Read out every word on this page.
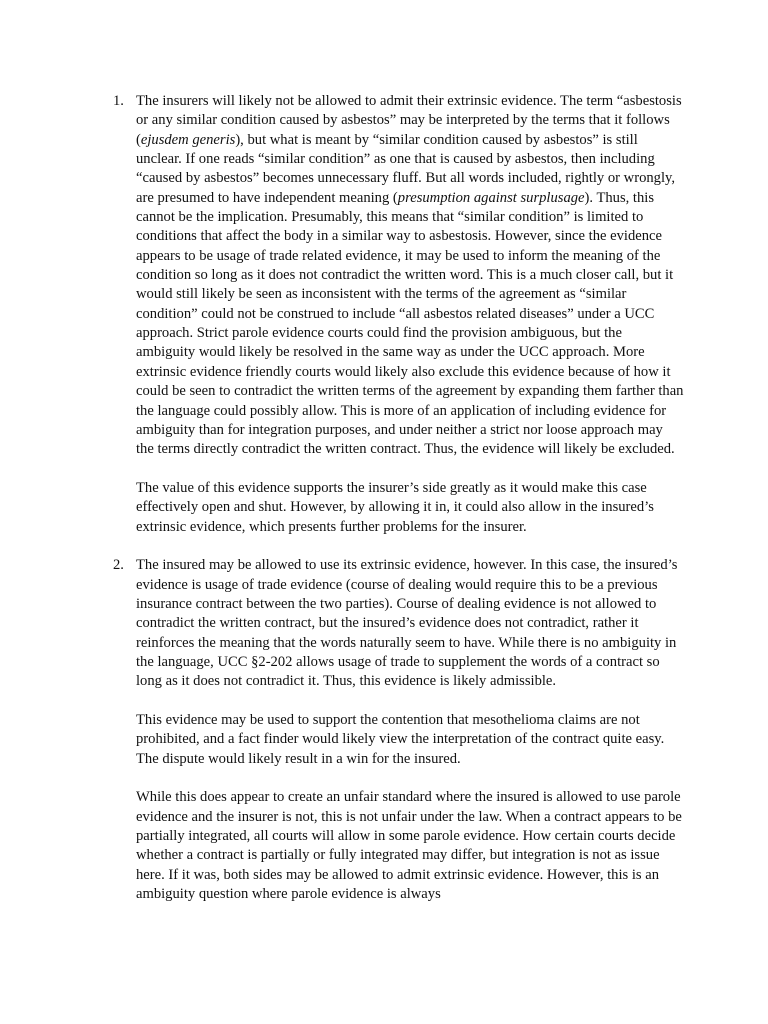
1. The insurers will likely not be allowed to admit their extrinsic evidence. The term “asbestosis or any similar condition caused by asbestos” may be interpreted by the terms that it follows (ejusdem generis), but what is meant by “similar condition caused by asbestos” is still unclear. If one reads “similar condition” as one that is caused by asbestos, then including “caused by asbestos” becomes unnecessary fluff. But all words included, rightly or wrongly, are presumed to have independent meaning (presumption against surplusage). Thus, this cannot be the implication. Presumably, this means that “similar condition” is limited to conditions that affect the body in a similar way to asbestosis. However, since the evidence appears to be usage of trade related evidence, it may be used to inform the meaning of the condition so long as it does not contradict the written word. This is a much closer call, but it would still likely be seen as inconsistent with the terms of the agreement as “similar condition” could not be construed to include “all asbestos related diseases” under a UCC approach. Strict parole evidence courts could find the provision ambiguous, but the ambiguity would likely be resolved in the same way as under the UCC approach. More extrinsic evidence friendly courts would likely also exclude this evidence because of how it could be seen to contradict the written terms of the agreement by expanding them farther than the language could possibly allow. This is more of an application of including evidence for ambiguity than for integration purposes, and under neither a strict nor loose approach may the terms directly contradict the written contract. Thus, the evidence will likely be excluded.

The value of this evidence supports the insurer’s side greatly as it would make this case effectively open and shut. However, by allowing it in, it could also allow in the insured’s extrinsic evidence, which presents further problems for the insurer.

2. The insured may be allowed to use its extrinsic evidence, however. In this case, the insured’s evidence is usage of trade evidence (course of dealing would require this to be a previous insurance contract between the two parties). Course of dealing evidence is not allowed to contradict the written contract, but the insured’s evidence does not contradict, rather it reinforces the meaning that the words naturally seem to have. While there is no ambiguity in the language, UCC §2-202 allows usage of trade to supplement the words of a contract so long as it does not contradict it. Thus, this evidence is likely admissible.

This evidence may be used to support the contention that mesothelioma claims are not prohibited, and a fact finder would likely view the interpretation of the contract quite easy. The dispute would likely result in a win for the insured.

While this does appear to create an unfair standard where the insured is allowed to use parole evidence and the insurer is not, this is not unfair under the law. When a contract appears to be partially integrated, all courts will allow in some parole evidence. How certain courts decide whether a contract is partially or fully integrated may differ, but integration is not as issue here. If it was, both sides may be allowed to admit extrinsic evidence. However, this is an ambiguity question where parole evidence is always
